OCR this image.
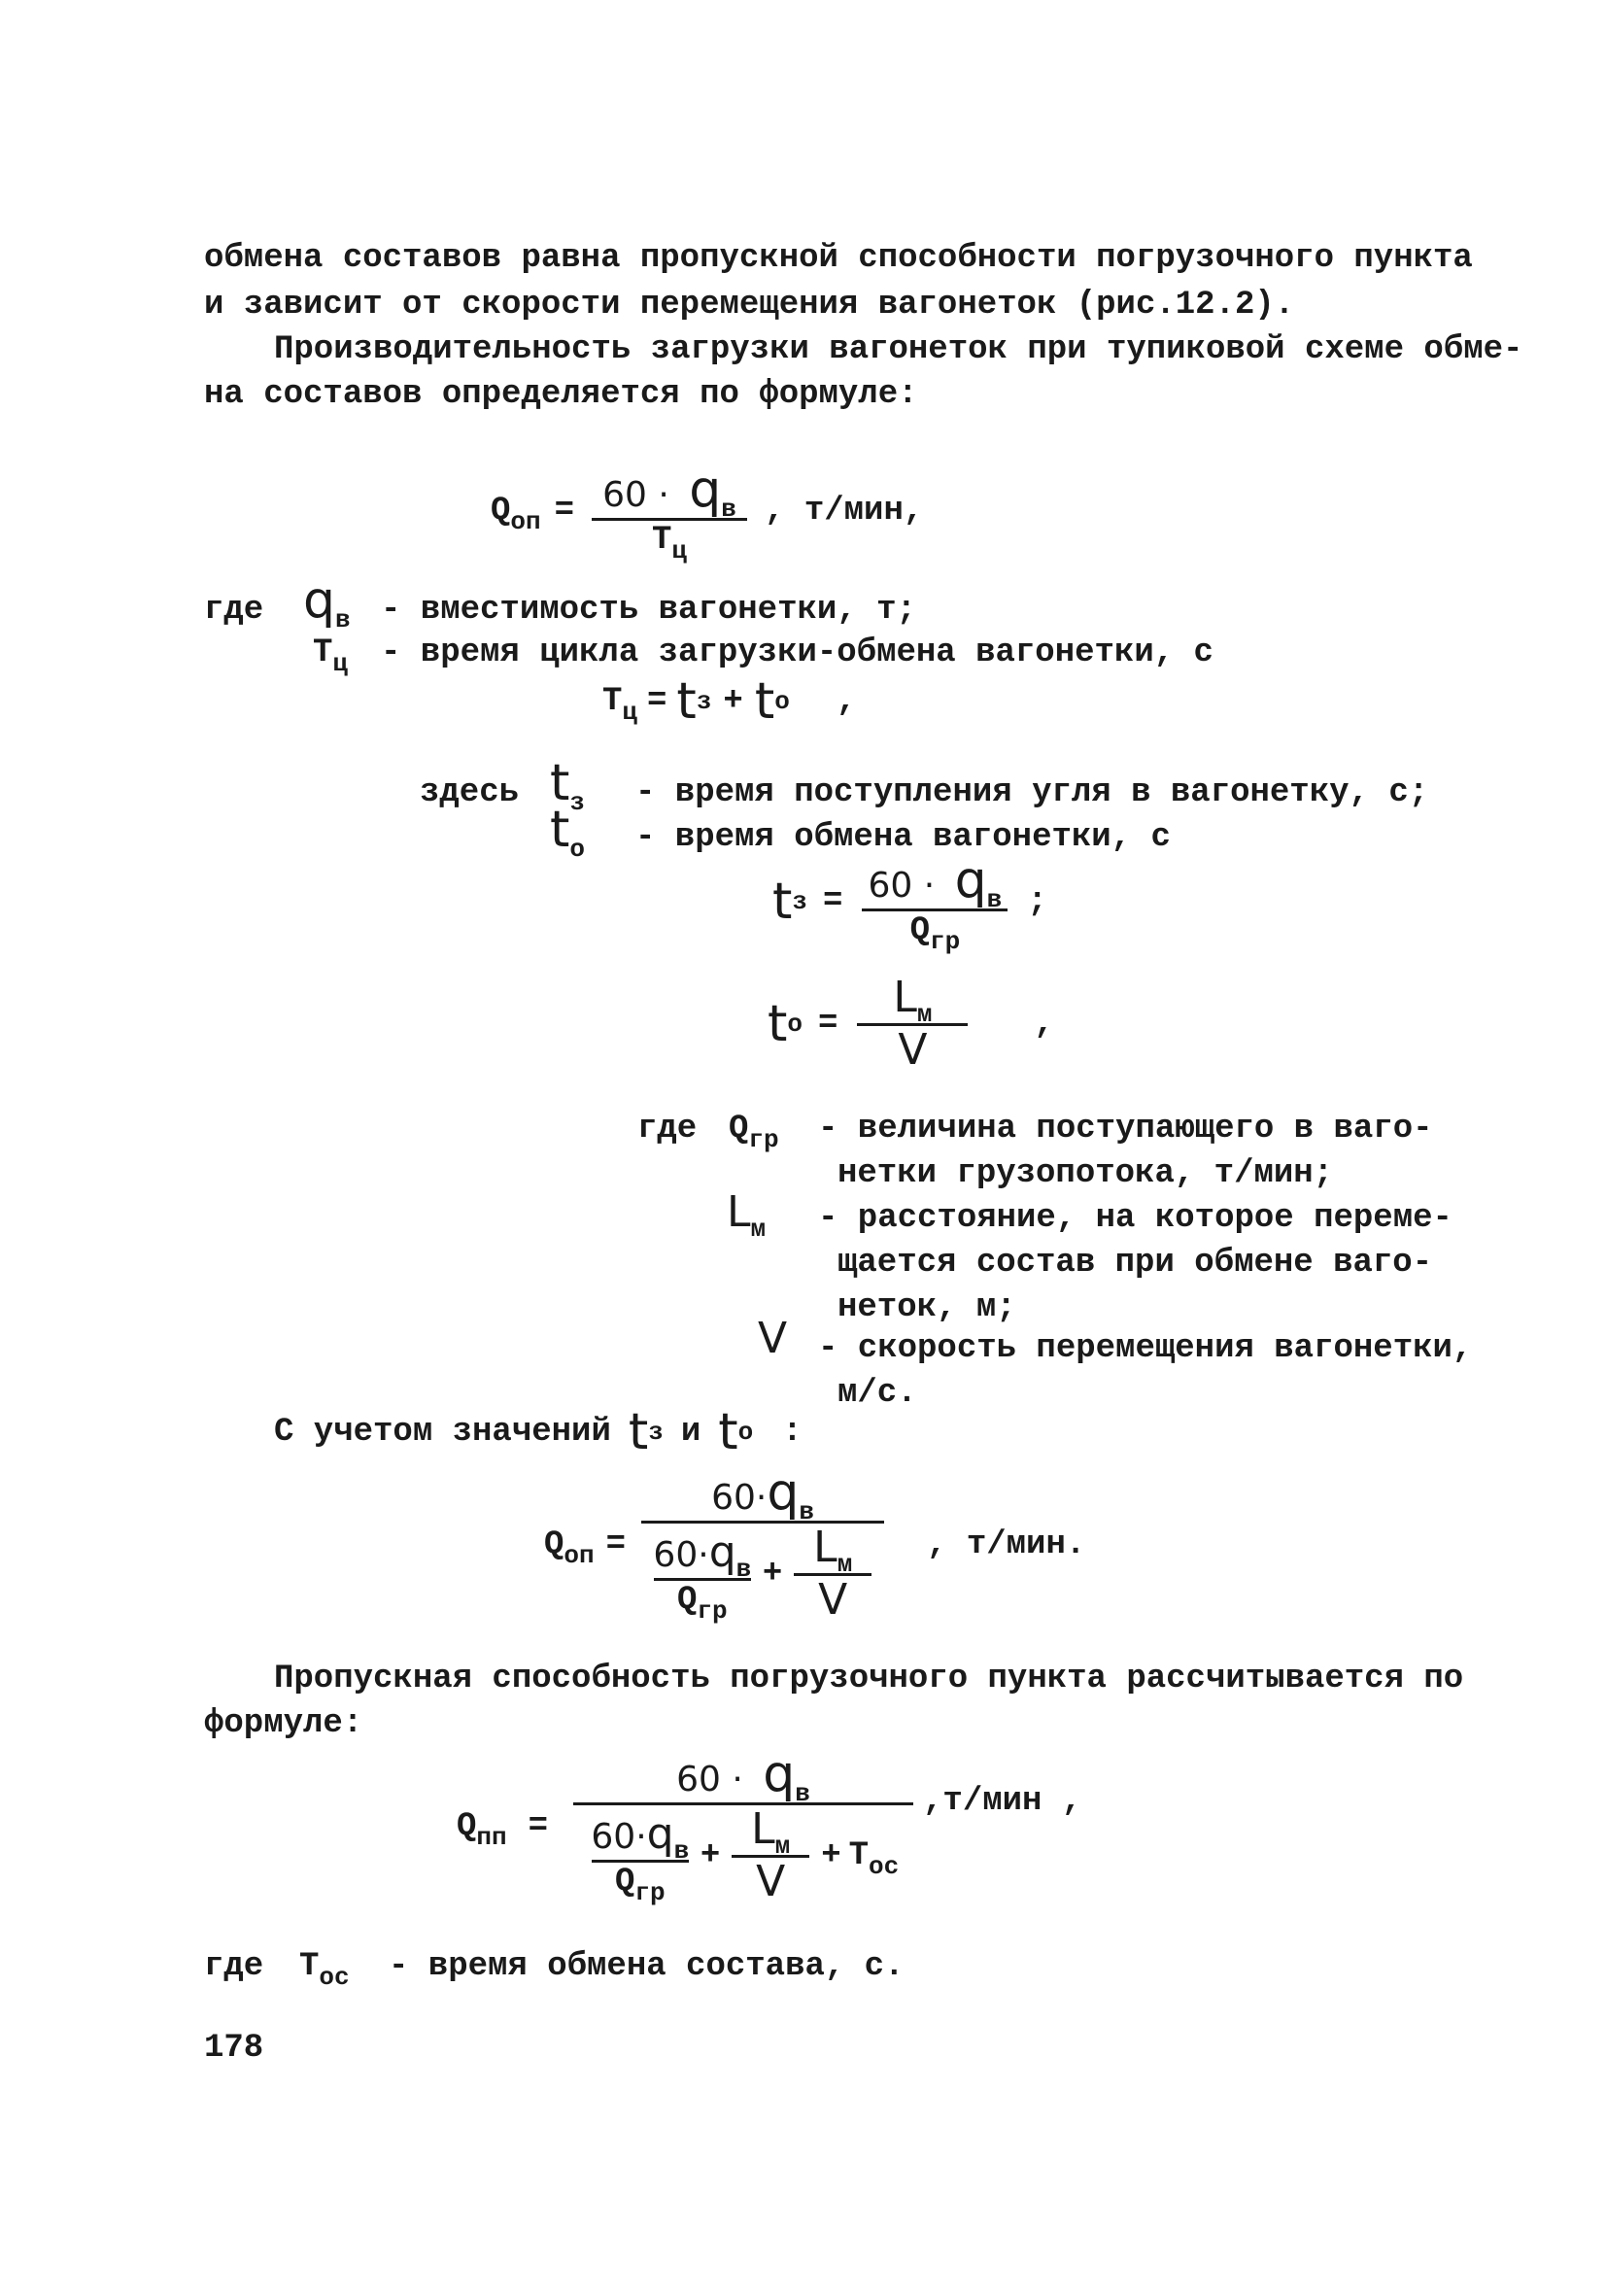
обмена составов равна пропускной способности погрузочного пункта
и зависит от скорости перемещения вагонеток (рис.12.2).
Производительность загрузки вагонеток при тупиковой схеме обме-
на составов определяется по формуле:
$Q_{оп} = \frac{60 \cdot q_в}{T_ц}$ , т/мин,
где $q_в$ - вместимость вагонетки, т;
$T_ц$ - время цикла загрузки-обмена вагонетки, с
$T_ц = t$ з + t о ,
здесь $t_з$ - время поступления угля в вагонетку, с;
$t_о$ - время обмена вагонетки, с
t $з = \frac{60 \cdot q_в}{Q_{гр}}$ ;
t $о = \frac{L_м}{V}$ ,
где $Q_{гр}$ - величина поступающего в ваго-
нетки грузопотока, т/мин;
$L_м$ - расстояние, на которое переме-
щается состав при обмене ваго-
неток, м;
V - скорость перемещения вагонетки,
м/с.
С учетом значений t з и t о :
$Q_{оп}$ =
$60\cdot q_в$
$\frac{60\cdot q_в}{Q_{гр}} + \frac{L_м}{V}$ , т/мин.
Пропускная способность погрузочного пункта рассчитывается по
формуле:
$Q_{пп}$ =
$60 \cdot q_в$
$\frac{60\cdot q_в}{Q_{гр}} + \frac{L_м}{V} + T_{ос}$
,т/мин ,
где $T_{ос}$ - время обмена состава, с.
178
